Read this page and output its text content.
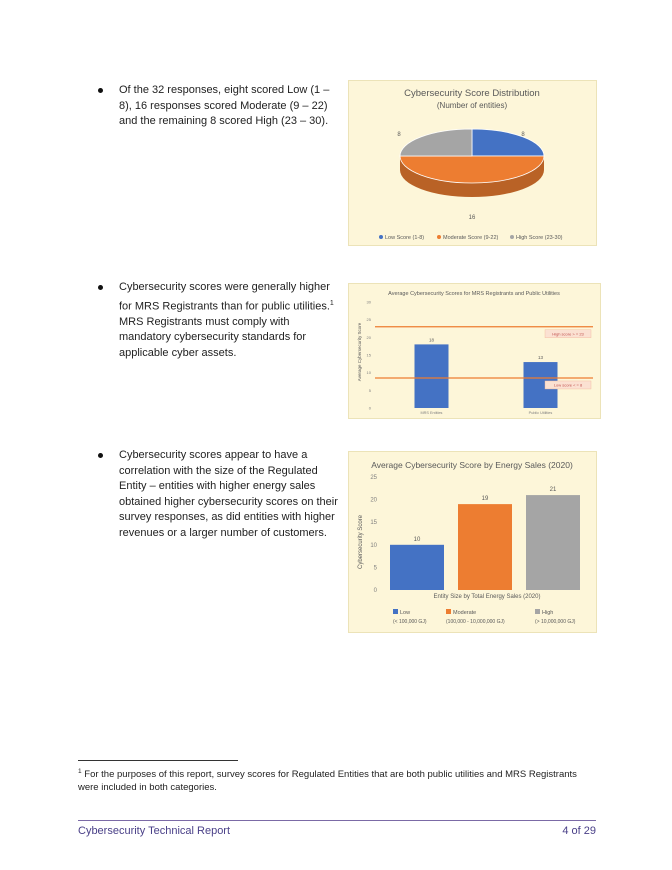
Of the 32 responses, eight scored Low (1 – 8), 16 responses scored Moderate (9 – 22) and the remaining 8 scored High (23 – 30).
Cybersecurity Score Distribution
(Number of entities)
8	8
16
Low Score (1-8)	Moderate Score (9-22)	High Score (23-30)
Cybersecurity scores were generally higher for MRS Registrants than for public utilities.$^1$ MRS Registrants must comply with mandatory cybersecurity standards for applicable cyber assets.
Average Cybersecurity Scores for MRS Registrants and Public Utilities
Average Cybersecurity Score
0
5
10
15
20
25
30
18
MRS Entities
13
Public Utilities
High score > = 23
Low score < = 8
Cybersecurity scores appear to have a correlation with the size of the Regulated Entity – entities with higher energy sales obtained higher cybersecurity scores on their survey responses, as did entities with higher revenues or a larger number of customers.
Average Cybersecurity Score by Energy Sales (2020)
Cybersecurity Score
Entity Size by Total Energy Sales (2020)
0
5
10
15
20
25
10
19
21
Low
(< 100,000 GJ)
Moderate
(100,000 - 10,000,000 GJ)
High
(> 10,000,000 GJ)
$^1$ For the purposes of this report, survey scores for Regulated Entities that are both public utilities and MRS Registrants were included in both categories.
Cybersecurity Technical Report	4 of 29
